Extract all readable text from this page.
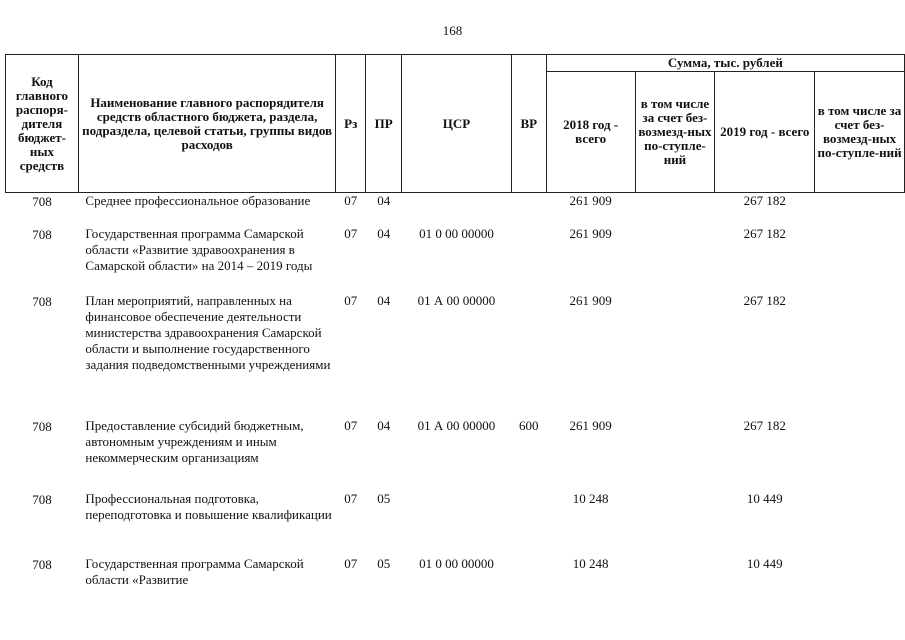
168
Код главного распоря-дителя бюджет-ных средств	Наименование главного распорядителя средств областного бюджета, раздела, подраздела, целевой статьи, группы видов расходов	Рз	ПР	ЦСР	ВР	Сумма, тыс. рублей			
						2018 год - всего	в том числе за счет без-возмезд-ных по-ступле-ний	2019 год - всего	в том числе за счет без-возмезд-ных по-ступле-ний
708	Среднее профессиональное образование	07	04			261 909		267 182	
708	Государственная программа Самарской области «Развитие здравоохранения в Самарской области» на 2014 – 2019 годы	07	04	01 0 00 00000		261 909		267 182	
708	План мероприятий, направленных на финансовое обеспечение деятельности министерства здравоохранения Самарской области и выполнение государственного задания подведомственными учреждениями	07	04	01 А 00 00000		261 909		267 182	
708	Предоставление субсидий бюджетным, автономным учреждениям и иным некоммерческим организациям	07	04	01 А 00 00000	600	261 909		267 182	
708	Профессиональная подготовка, переподготовка и повышение квалификации	07	05			10 248		10 449	
708	Государственная программа Самарской области «Развитие	07	05	01 0 00 00000		10 248		10 449	
